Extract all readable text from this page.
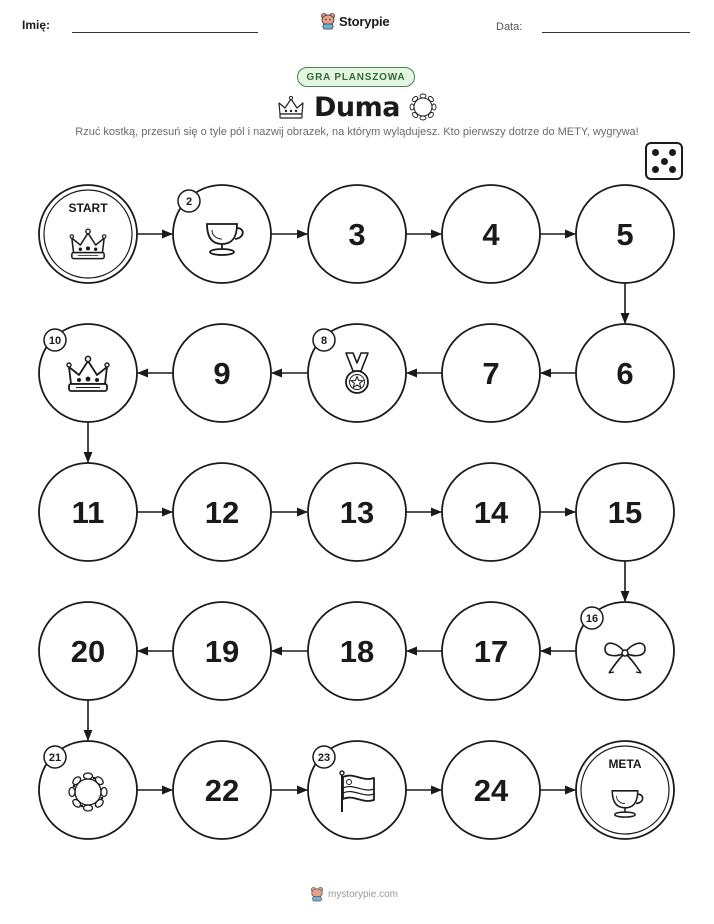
Imię:	Storypie	Data:
GRA PLANSZOWA
Duma
Rzuć kostką, przesuń się o tyle pól i nazwij obrazek, na którym wylądujesz. Kto pierwszy dotrze do METY, wygrywa!
START	2
3	4	5
6
7
8
9
10
11	12	13	14	15
16
17
18
19
20
21
22
23
24
META
mystorypie.com
